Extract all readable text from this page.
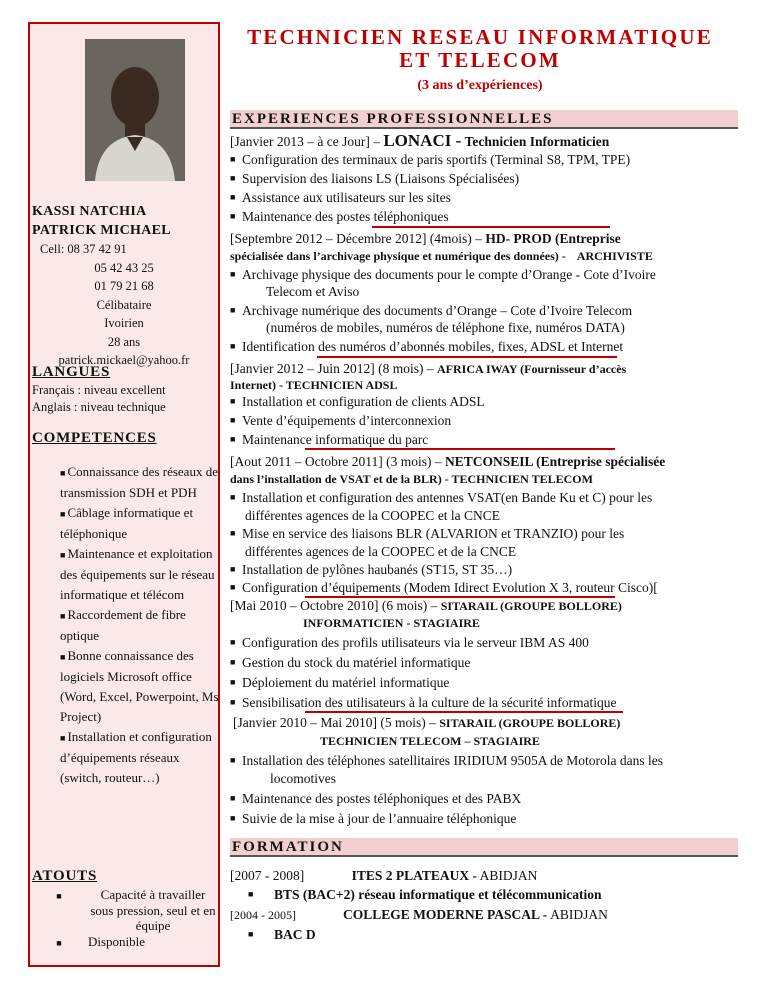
KASSI NATCHIA
PATRICK MICHAEL
Cell: 08 37 42 91
05 42 43 25
01 79 21 68
Célibataire
Ivoirien
28 ans
patrick.mickael@yahoo.fr
LANGUES
Français : niveau excellent
Anglais : niveau technique
COMPETENCES
■ Connaissance des réseaux de transmission SDH et PDH
■ Câblage informatique et téléphonique
■ Maintenance et exploitation des équipements sur le réseau informatique et télécom
■ Raccordement de fibre optique
■ Bonne connaissance des logiciels Microsoft office (Word, Excel, Powerpoint, Ms Project)
■ Installation et configuration d’équipements réseaux (switch, routeur…)
ATOUTS
■	Capacité à travailler sous pression, seul et en équipe
■	Disponible
TECHNICIEN RESEAU INFORMATIQUE
ET TELECOM
(3 ans d’expériences)
EXPERIENCES PROFESSIONNELLES
[Janvier 2013 – à ce Jour] – LONACI - Technicien Informaticien
■ Configuration des terminaux de paris sportifs (Terminal S8, TPM, TPE)
■ Supervision des liaisons LS (Liaisons Spécialisées)
■ Assistance aux utilisateurs sur les sites
■ Maintenance des postes téléphoniques
[Septembre 2012 – Décembre 2012] (4mois) – HD- PROD (Entreprise
spécialisée dans l’archivage physique et numérique des données) - ARCHIVISTE
■ Archivage physique des documents pour le compte d’Orange - Cote d’Ivoire
Telecom et Aviso
■ Archivage numérique des documents d’Orange – Cote d’Ivoire Telecom
(numéros de mobiles, numéros de téléphone fixe, numéros DATA)
■ Identification des numéros d’abonnés mobiles, fixes, ADSL et Internet
[Janvier 2012 – Juin 2012] (8 mois) – AFRICA IWAY (Fournisseur d’accès
Internet) - TECHNICIEN ADSL
■ Installation et configuration de clients ADSL
■ Vente d’équipements d’interconnexion
■ Maintenance informatique du parc
[Aout 2011 – Octobre 2011] (3 mois) – NETCONSEIL (Entreprise spécialisée
dans l’installation de VSAT et de la BLR) - TECHNICIEN TELECOM
■ Installation et configuration des antennes VSAT(en Bande Ku et C) pour les
différentes agences de la COOPEC et la CNCE
■ Mise en service des liaisons BLR (ALVARION et TRANZIO) pour les
différentes agences de la COOPEC et de la CNCE
■ Installation de pylônes haubanés (ST15, ST 35…)
■ Configuration d’équipements (Modem Idirect Evolution X 3, routeur Cisco)[
[Mai 2010 – Octobre 2010] (6 mois) – SITARAIL (GROUPE BOLLORE)
INFORMATICIEN - STAGIAIRE
■ Configuration des profils utilisateurs via le serveur IBM AS 400
■ Gestion du stock du matériel informatique
■ Déploiement du matériel informatique
■ Sensibilisation des utilisateurs à la culture de la sécurité informatique
[Janvier 2010 – Mai 2010] (5 mois) – SITARAIL (GROUPE BOLLORE)
TECHNICIEN TELECOM – STAGIAIRE
■ Installation des téléphones satellitaires IRIDIUM 9505A de Motorola dans les
locomotives
■ Maintenance des postes téléphoniques et des PABX
■ Suivie de la mise à jour de l’annuaire téléphonique
FORMATION
[2007 - 2008]	ITES 2 PLATEAUX - ABIDJAN
■ BTS (BAC+2) réseau informatique et télécommunication
[2004 - 2005]	COLLEGE MODERNE PASCAL - ABIDJAN
■ BAC D
